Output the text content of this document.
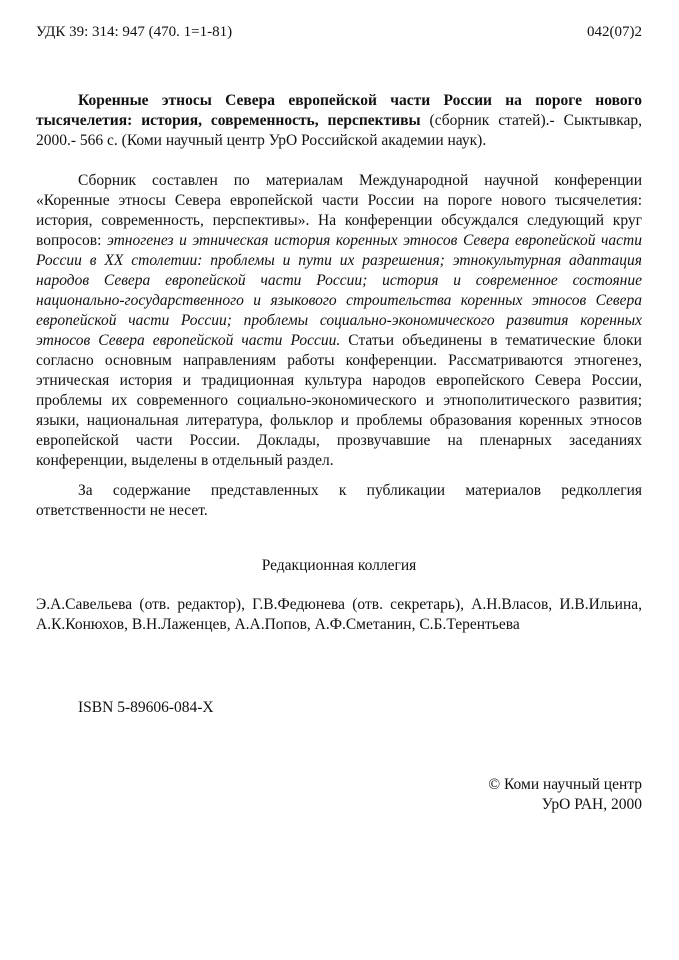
УДК 39: 314: 947 (470. 1=1-81)	042(07)2
Коренные этносы Севера европейской части России на пороге нового тысячелетия: история, современность, перспективы (сборник статей).- Сыктывкар, 2000.- 566 с. (Коми научный центр УрО Российской академии наук).
Сборник составлен по материалам Международной научной конференции «Коренные этносы Севера европейской части России на пороге нового тысячелетия: история, современность, перспективы». На конференции обсуждался следующий круг вопросов: этногенез и этническая история коренных этносов Севера европейской части России в XX столетии: проблемы и пути их разрешения; этнокультурная адаптация народов Севера европейской части России; история и современное состояние национально-государственного и языкового строительства коренных этносов Севера европейской части России; проблемы социально-экономического развития коренных этносов Севера европейской части России. Статьи объединены в тематические блоки согласно основным направлениям работы конференции. Рассматриваются этногенез, этническая история и традиционная культура народов европейского Севера России, проблемы их современного социально-экономического и этнополитического развития; языки, национальная литература, фольклор и проблемы образования коренных этносов европейской части России. Доклады, прозвучавшие на пленарных заседаниях конференции, выделены в отдельный раздел.
За содержание представленных к публикации материалов редколлегия ответственности не несет.
Редакционная коллегия
Э.А.Савельева (отв. редактор), Г.В.Федюнева (отв. секретарь), А.Н.Власов, И.В.Ильина, А.К.Конюхов, В.Н.Лаженцев, А.А.Попов, А.Ф.Сметанин, С.Б.Терентьева
ISBN 5-89606-084-X
© Коми научный центр
УрО РАН, 2000
